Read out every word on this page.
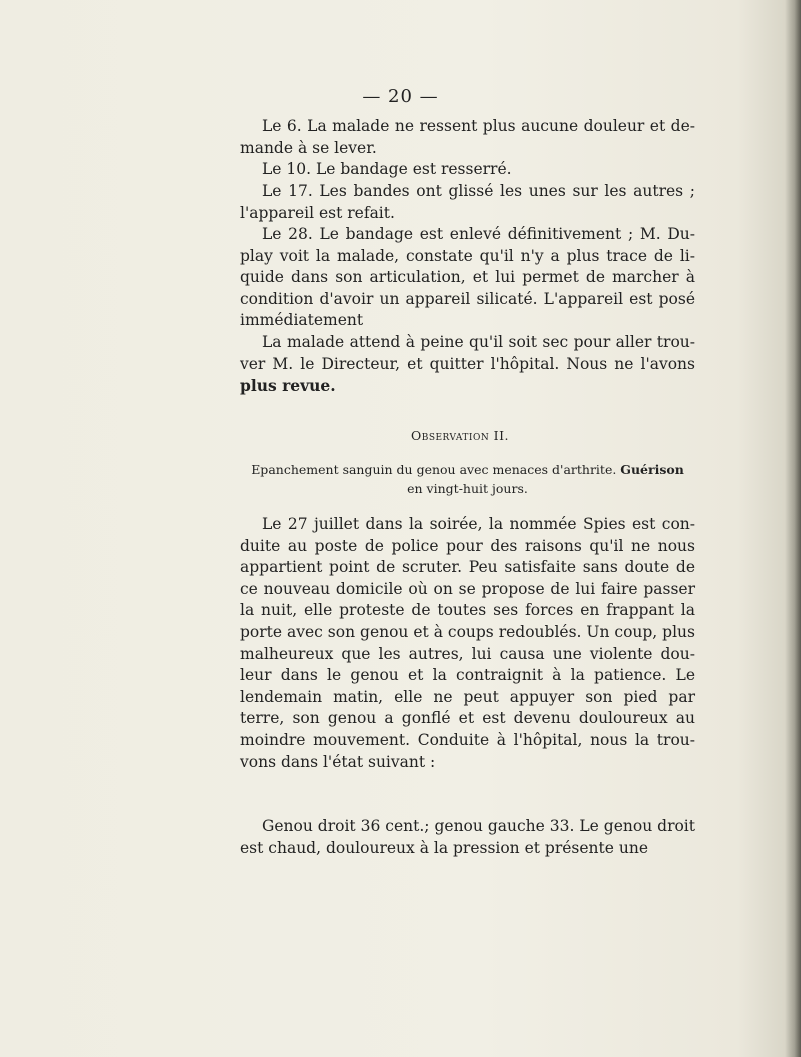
— 20 —

Le 6. La malade ne ressent plus aucune douleur et de-mande à se lever.

Le 10. Le bandage est resserré.

Le 17. Les bandes ont glissé les unes sur les autres ; l'appareil est refait.

Le 28. Le bandage est enlevé définitivement ; M. Du-play voit la malade, constate qu'il n'y a plus trace de li-quide dans son articulation, et lui permet de marcher à condition d'avoir un appareil silicaté. L'appareil est posé immédiatement

La malade attend à peine qu'il soit sec pour aller trou-ver M. le Directeur, et quitter l'hôpital. Nous ne l'avons plus revue.

Observation II.
Epanchement sanguin du genou avec menaces d'arthrite. Guérison
en vingt-huit jours.

Le 27 juillet dans la soirée, la nommée Spies est con-duite au poste de police pour des raisons qu'il ne nous appartient point de scruter. Peu satisfaite sans doute de ce nouveau domicile où on se propose de lui faire passer la nuit, elle proteste de toutes ses forces en frappant la porte avec son genou et à coups redoublés. Un coup, plus malheureux que les autres, lui causa une violente dou-leur dans le genou et la contraignit à la patience. Le lendemain matin, elle ne peut appuyer son pied par terre, son genou a gonflé et est devenu douloureux au moindre mouvement. Conduite à l'hôpital, nous la trou-vons dans l'état suivant :

Genou droit 36 cent.; genou gauche 33. Le genou droit est chaud, douloureux à la pression et présente une
